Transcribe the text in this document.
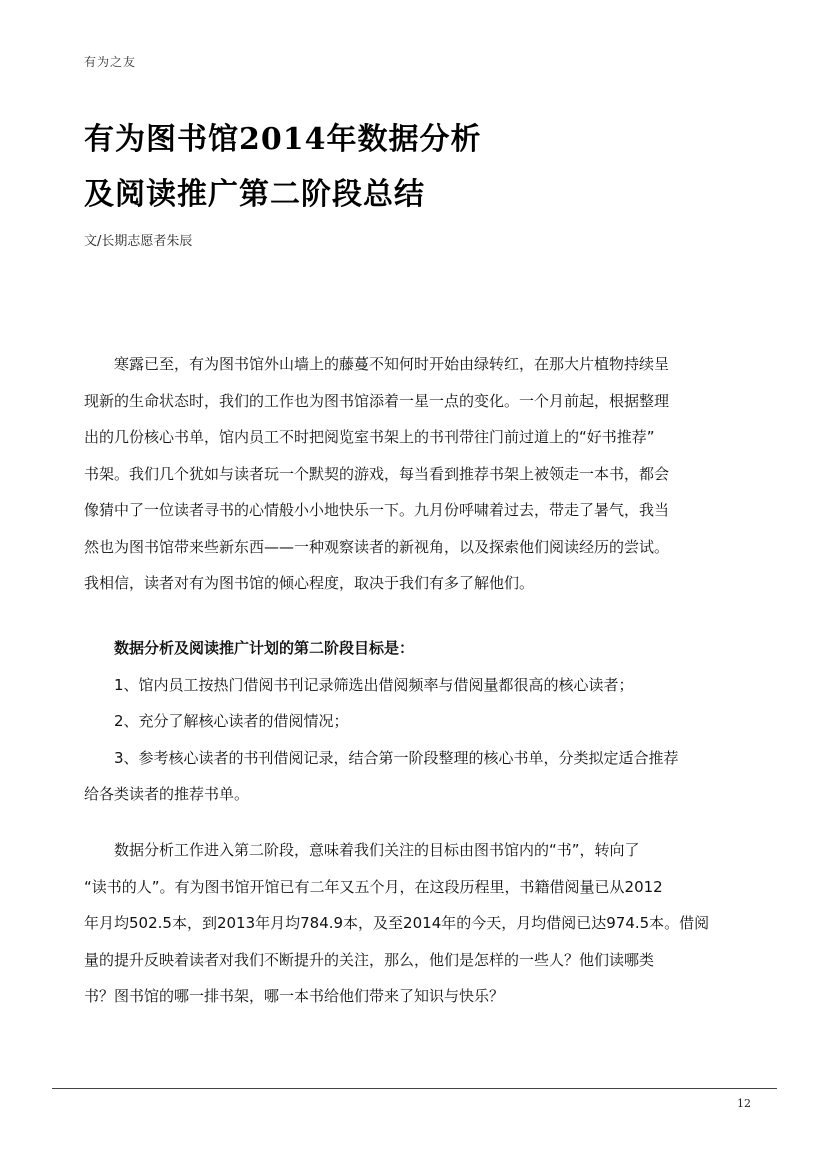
有为之友
有为图书馆2014年数据分析
及阅读推广第二阶段总结
文/长期志愿者朱辰
寒露已至，有为图书馆外山墙上的藤蔓不知何时开始由绿转红，在那大片植物持续呈
现新的生命状态时，我们的工作也为图书馆添着一星一点的变化。一个月前起，根据整理
出的几份核心书单，馆内员工不时把阅览室书架上的书刊带往门前过道上的“好书推荐”
书架。我们几个犹如与读者玩一个默契的游戏，每当看到推荐书架上被领走一本书，都会
像猜中了一位读者寻书的心情般小小地快乐一下。九月份呼啸着过去，带走了暑气，我当
然也为图书馆带来些新东西——一种观察读者的新视角，以及探索他们阅读经历的尝试。
我相信，读者对有为图书馆的倾心程度，取决于我们有多了解他们。
数据分析及阅读推广计划的第二阶段目标是：
1、馆内员工按热门借阅书刊记录筛选出借阅频率与借阅量都很高的核心读者；
2、充分了解核心读者的借阅情况；
3、参考核心读者的书刊借阅记录，结合第一阶段整理的核心书单，分类拟定适合推荐
给各类读者的推荐书单。
数据分析工作进入第二阶段，意味着我们关注的目标由图书馆内的“书”，转向了
“读书的人”。有为图书馆开馆已有二年又五个月，在这段历程里，书籍借阅量已从2012
年月均502.5本，到2013年月均784.9本，及至2014年的今天，月均借阅已达974.5本。借阅
量的提升反映着读者对我们不断提升的关注，那么，他们是怎样的一些人？他们读哪类
书？图书馆的哪一排书架，哪一本书给他们带来了知识与快乐？
12
